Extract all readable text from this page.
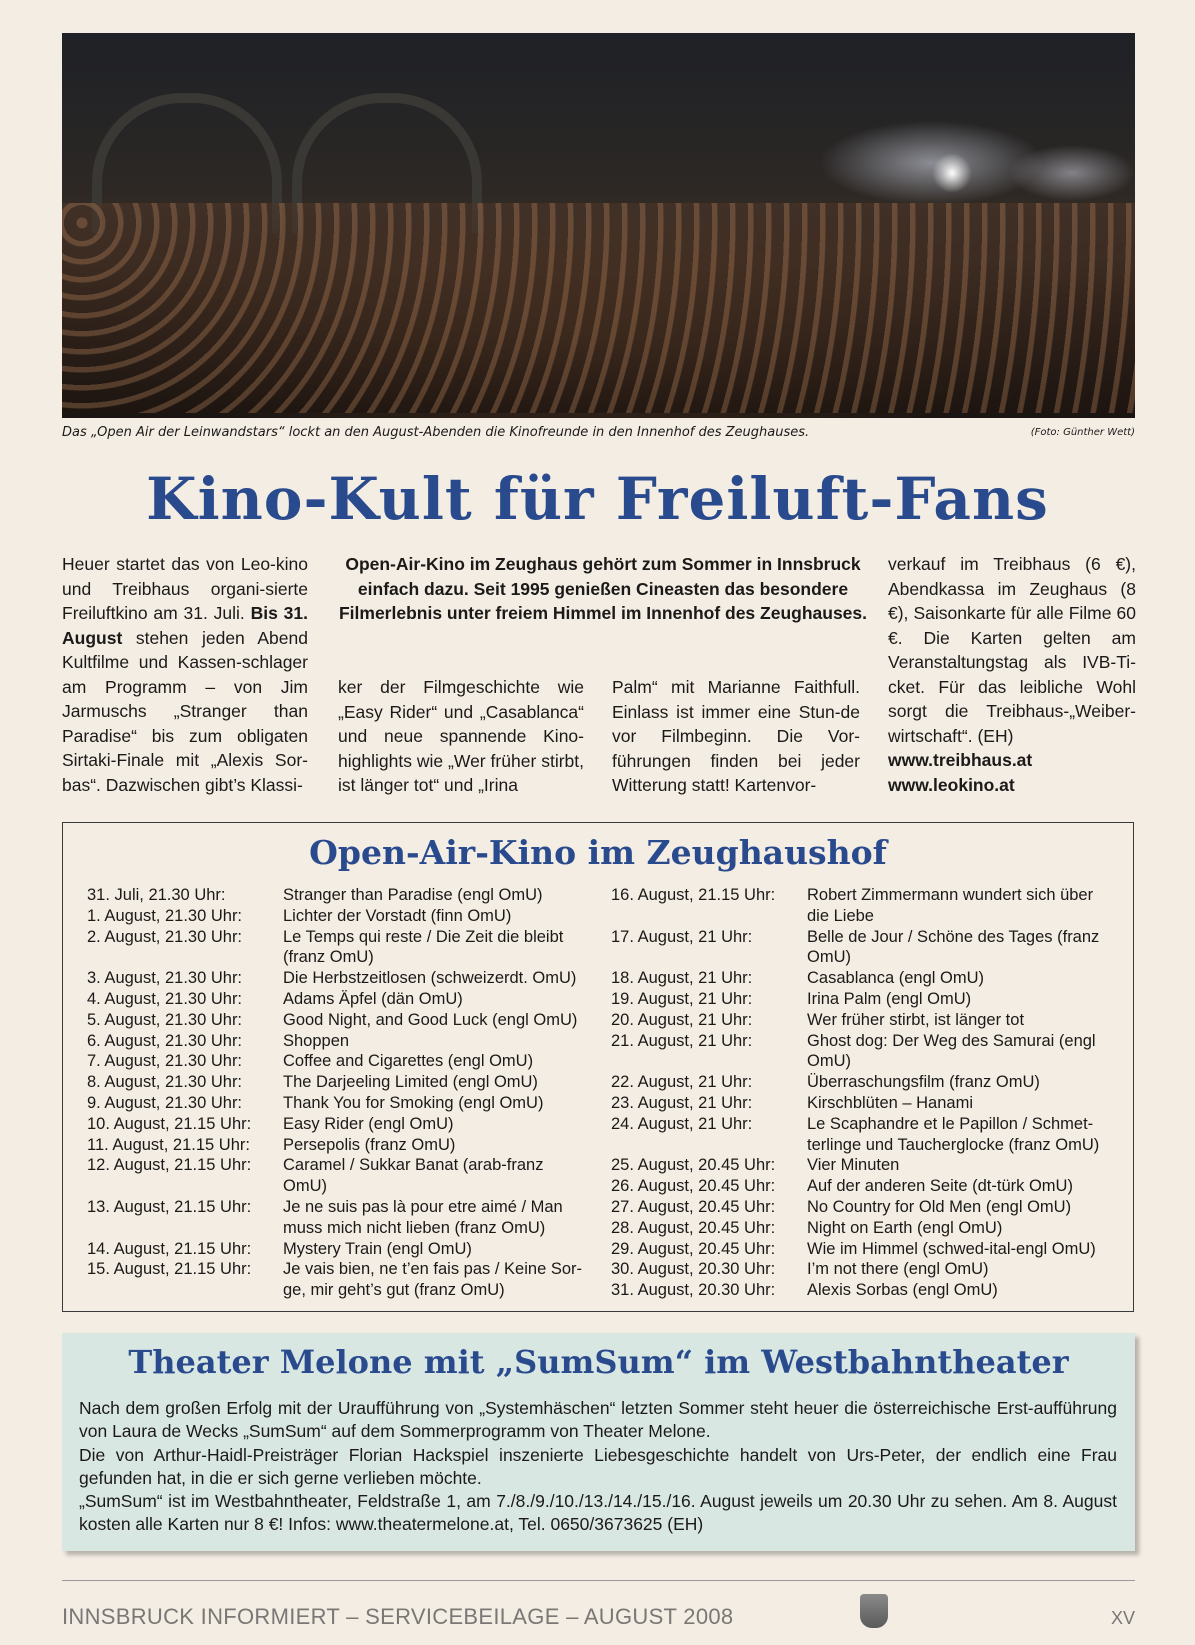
Das „Open Air der Leinwandstars“ lockt an den August-Abenden die Kinofreunde in den Innenhof des Zeughauses.	(Foto: Günther Wett)
Kino-Kult für Freiluft-Fans
Heuer startet das von Leo-kino und Treibhaus organi-sierte Freiluftkino am 31. Juli. Bis 31. August stehen jeden Abend Kultfilme und Kassen-schlager am Programm – von Jim Jarmuschs „Stranger than Paradise“ bis zum obligaten Sirtaki-Finale mit „Alexis Sor-bas“. Dazwischen gibt’s Klassi-
Open-Air-Kino im Zeughaus gehört zum Sommer in Innsbruck einfach dazu. Seit 1995 genießen Cineasten das besondere Filmerlebnis unter freiem Himmel im Innenhof des Zeughauses.
ker der Filmgeschichte wie „Easy Rider“ und „Casablanca“ und neue spannende Kino-highlights wie „Wer früher stirbt, ist länger tot“ und „Irina
Palm“ mit Marianne Faithfull. Einlass ist immer eine Stun-de vor Filmbeginn. Die Vor-führungen finden bei jeder Witterung statt! Kartenvor-
verkauf im Treibhaus (6 €), Abendkassa im Zeughaus (8 €), Saisonkarte für alle Filme 60 €. Die Karten gelten am Veranstaltungstag als IVB-Ti-cket. Für das leibliche Wohl sorgt die Treibhaus-„Weiber-wirtschaft“. (EH)
www.treibhaus.at
www.leokino.at
Open-Air-Kino im Zeughaushof
31. Juli, 21.30 Uhr:	Stranger than Paradise (engl OmU)
1. August, 21.30 Uhr:	Lichter der Vorstadt (finn OmU)
2. August, 21.30 Uhr:	Le Temps qui reste / Die Zeit die bleibt (franz OmU)
3. August, 21.30 Uhr:	Die Herbstzeitlosen (schweizerdt. OmU)
4. August, 21.30 Uhr:	Adams Äpfel (dän OmU)
5. August, 21.30 Uhr:	Good Night, and Good Luck (engl OmU)
6. August, 21.30 Uhr:	Shoppen
7. August, 21.30 Uhr:	Coffee and Cigarettes (engl OmU)
8. August, 21.30 Uhr:	The Darjeeling Limited (engl OmU)
9. August, 21.30 Uhr:	Thank You for Smoking (engl OmU)
10. August, 21.15 Uhr:	Easy Rider (engl OmU)
11. August, 21.15 Uhr:	Persepolis (franz OmU)
12. August, 21.15 Uhr:	Caramel / Sukkar Banat (arab-franz OmU)
13. August, 21.15 Uhr:	Je ne suis pas là pour etre aimé / Man muss mich nicht lieben (franz OmU)
14. August, 21.15 Uhr:	Mystery Train (engl OmU)
15. August, 21.15 Uhr:	Je vais bien, ne t’en fais pas / Keine Sor-ge, mir geht’s gut (franz OmU)
16. August, 21.15 Uhr:	Robert Zimmermann wundert sich über die Liebe
17. August, 21 Uhr:	Belle de Jour / Schöne des Tages (franz OmU)
18. August, 21 Uhr:	Casablanca (engl OmU)
19. August, 21 Uhr:	Irina Palm (engl OmU)
20. August, 21 Uhr:	Wer früher stirbt, ist länger tot
21. August, 21 Uhr:	Ghost dog: Der Weg des Samurai (engl OmU)
22. August, 21 Uhr:	Überraschungsfilm (franz OmU)
23. August, 21 Uhr:	Kirschblüten – Hanami
24. August, 21 Uhr:	Le Scaphandre et le Papillon / Schmet-terlinge und Taucherglocke (franz OmU)
25. August, 20.45 Uhr:	Vier Minuten
26. August, 20.45 Uhr:	Auf der anderen Seite (dt-türk OmU)
27. August, 20.45 Uhr:	No Country for Old Men (engl OmU)
28. August, 20.45 Uhr:	Night on Earth (engl OmU)
29. August, 20.45 Uhr:	Wie im Himmel (schwed-ital-engl OmU)
30. August, 20.30 Uhr:	I’m not there (engl OmU)
31. August, 20.30 Uhr:	Alexis Sorbas (engl OmU)
Theater Melone mit „SumSum“ im Westbahntheater

Nach dem großen Erfolg mit der Uraufführung von „Systemhäschen“ letzten Sommer steht heuer die österreichische Erst-aufführung von Laura de Wecks „SumSum“ auf dem Sommerprogramm von Theater Melone.

Die von Arthur-Haidl-Preisträger Florian Hackspiel inszenierte Liebesgeschichte handelt von Urs-Peter, der endlich eine Frau gefunden hat, in die er sich gerne verlieben möchte.

„SumSum“ ist im Westbahntheater, Feldstraße 1, am 7./8./9./10./13./14./15./16. August jeweils um 20.30 Uhr zu sehen. Am 8. August kosten alle Karten nur 8 €! Infos: www.theatermelone.at, Tel. 0650/3673625 (EH)

INNSBRUCK INFORMIERT – SERVICEBEILAGE – AUGUST 2008	XV
